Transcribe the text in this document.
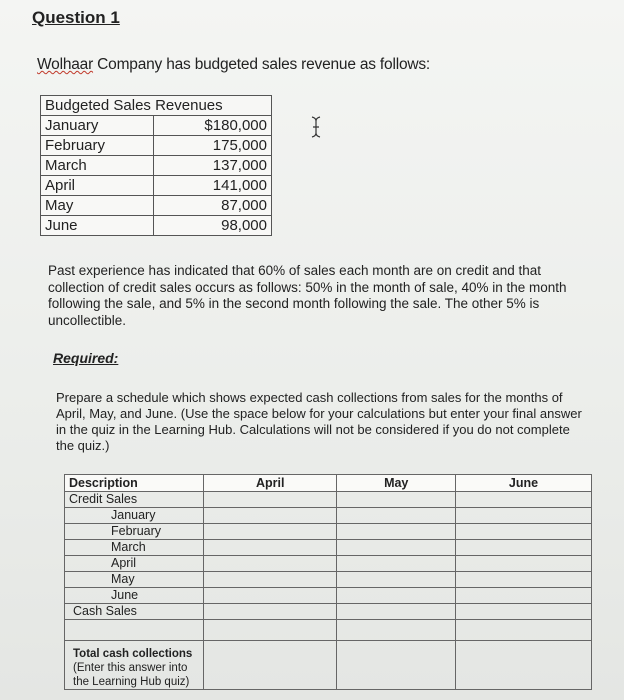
Question 1
Wolhaar Company has budgeted sales revenue as follows:
Budgeted Sales Revenues	
January	$180,000
February	175,000
March	137,000
April	141,000
May	87,000
June	98,000
Past experience has indicated that 60% of sales each month are on credit and that collection of credit sales occurs as follows: 50% in the month of sale, 40% in the month following the sale, and 5% in the second month following the sale. The other 5% is uncollectible.
Required:
Prepare a schedule which shows expected cash collections from sales for the months of April, May, and June. (Use the space below for your calculations but enter your final answer in the quiz in the Learning Hub. Calculations will not be considered if you do not complete the quiz.)
Description	April	May	June
Credit Sales			
January			
February			
March			
April			
May			
June			
Cash Sales			

Total cash collections
(Enter this answer into the Learning Hub quiz)			
